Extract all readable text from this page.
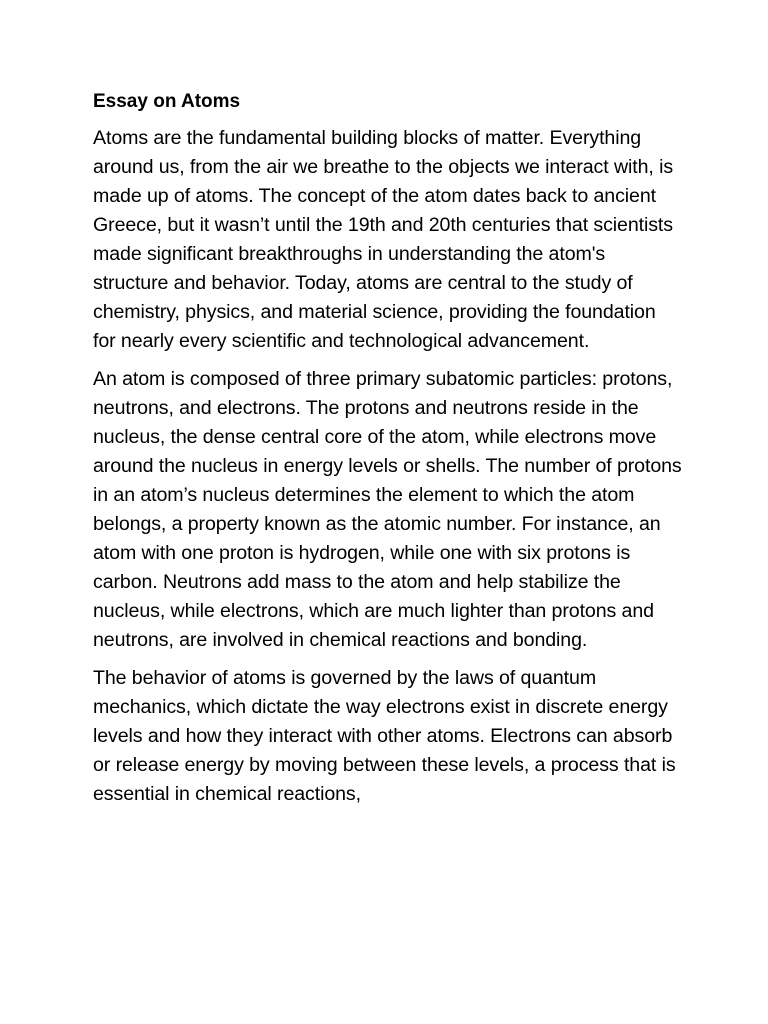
Essay on Atoms

Atoms are the fundamental building blocks of matter. Everything around us, from the air we breathe to the objects we interact with, is made up of atoms. The concept of the atom dates back to ancient Greece, but it wasn’t until the 19th and 20th centuries that scientists made significant breakthroughs in understanding the atom's structure and behavior. Today, atoms are central to the study of chemistry, physics, and material science, providing the foundation for nearly every scientific and technological advancement.

An atom is composed of three primary subatomic particles: protons, neutrons, and electrons. The protons and neutrons reside in the nucleus, the dense central core of the atom, while electrons move around the nucleus in energy levels or shells. The number of protons in an atom’s nucleus determines the element to which the atom belongs, a property known as the atomic number. For instance, an atom with one proton is hydrogen, while one with six protons is carbon. Neutrons add mass to the atom and help stabilize the nucleus, while electrons, which are much lighter than protons and neutrons, are involved in chemical reactions and bonding.

The behavior of atoms is governed by the laws of quantum mechanics, which dictate the way electrons exist in discrete energy levels and how they interact with other atoms. Electrons can absorb or release energy by moving between these levels, a process that is essential in chemical reactions,
